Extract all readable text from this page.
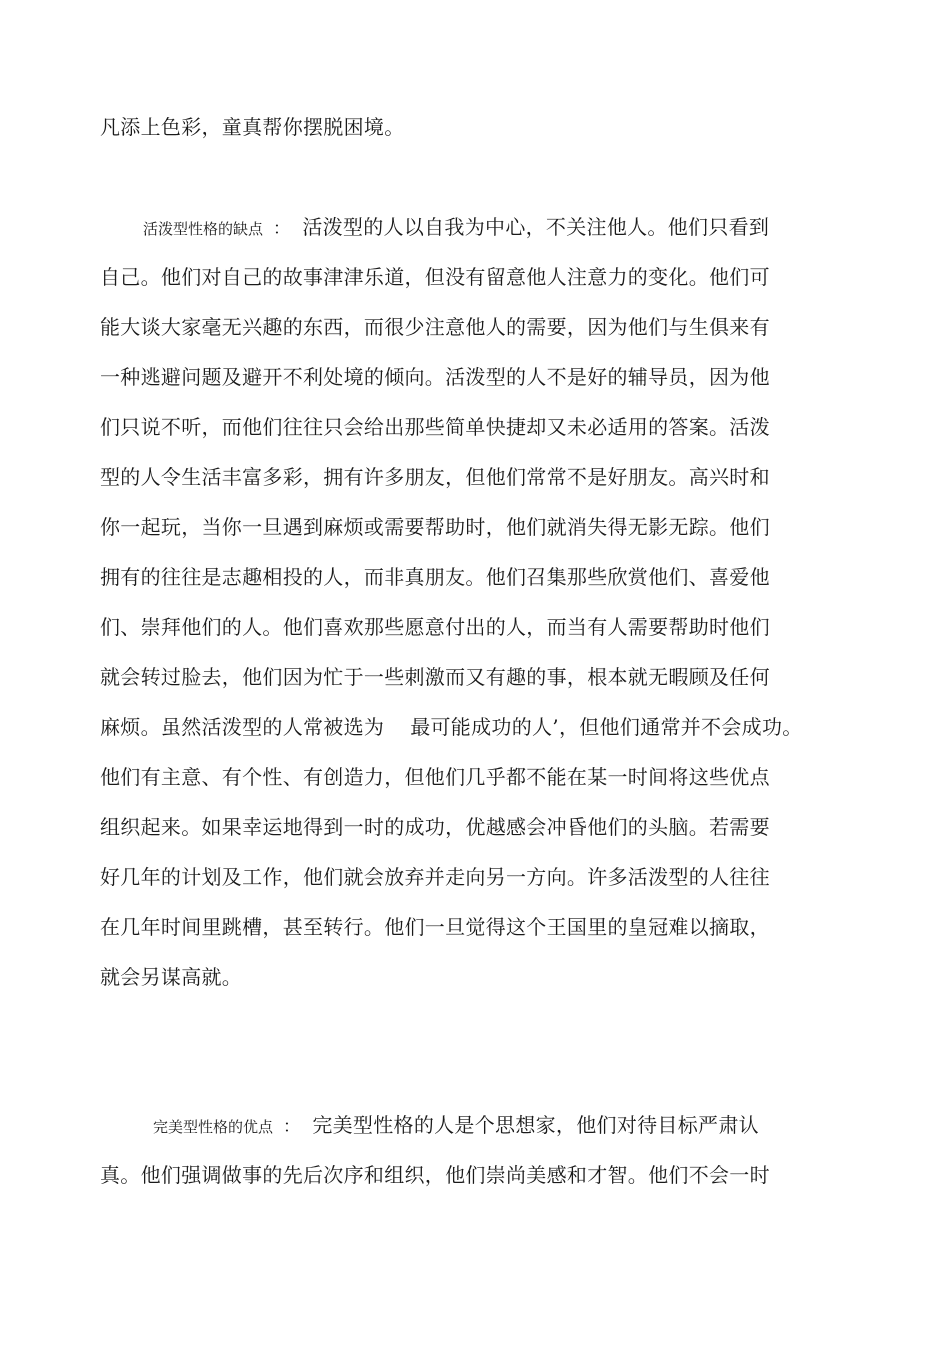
凡添上色彩，童真帮你摆脱困境。
活泼型性格的缺点 ： 活泼型的人以自我为中心，不关注他人。他们只看到
自己。他们对自己的故事津津乐道，但没有留意他人注意力的变化。他们可
能大谈大家毫无兴趣的东西，而很少注意他人的需要，因为他们与生俱来有
一种逃避问题及避开不利处境的倾向。活泼型的人不是好的辅导员，因为他
们只说不听，而他们往往只会给出那些简单快捷却又未必适用的答案。活泼
型的人令生活丰富多彩，拥有许多朋友，但他们常常不是好朋友。高兴时和
你一起玩，当你一旦遇到麻烦或需要帮助时，他们就消失得无影无踪。他们
拥有的往往是志趣相投的人，而非真朋友。他们召集那些欣赏他们、喜爱他
们、崇拜他们的人。他们喜欢那些愿意付出的人，而当有人需要帮助时他们
就会转过脸去，他们因为忙于一些刺激而又有趣的事，根本就无暇顾及任何
麻烦。虽然活泼型的人常被选为 最可能成功的人’，但他们通常并不会成功。
他们有主意、有个性、有创造力，但他们几乎都不能在某一时间将这些优点
组织起来。如果幸运地得到一时的成功，优越感会冲昏他们的头脑。若需要
好几年的计划及工作，他们就会放弃并走向另一方向。许多活泼型的人往往
在几年时间里跳槽，甚至转行。他们一旦觉得这个王国里的皇冠难以摘取，
就会另谋高就。
完美型性格的优点 ： 完美型性格的人是个思想家，他们对待目标严肃认
真。他们强调做事的先后次序和组织，他们崇尚美感和才智。他们不会一时
